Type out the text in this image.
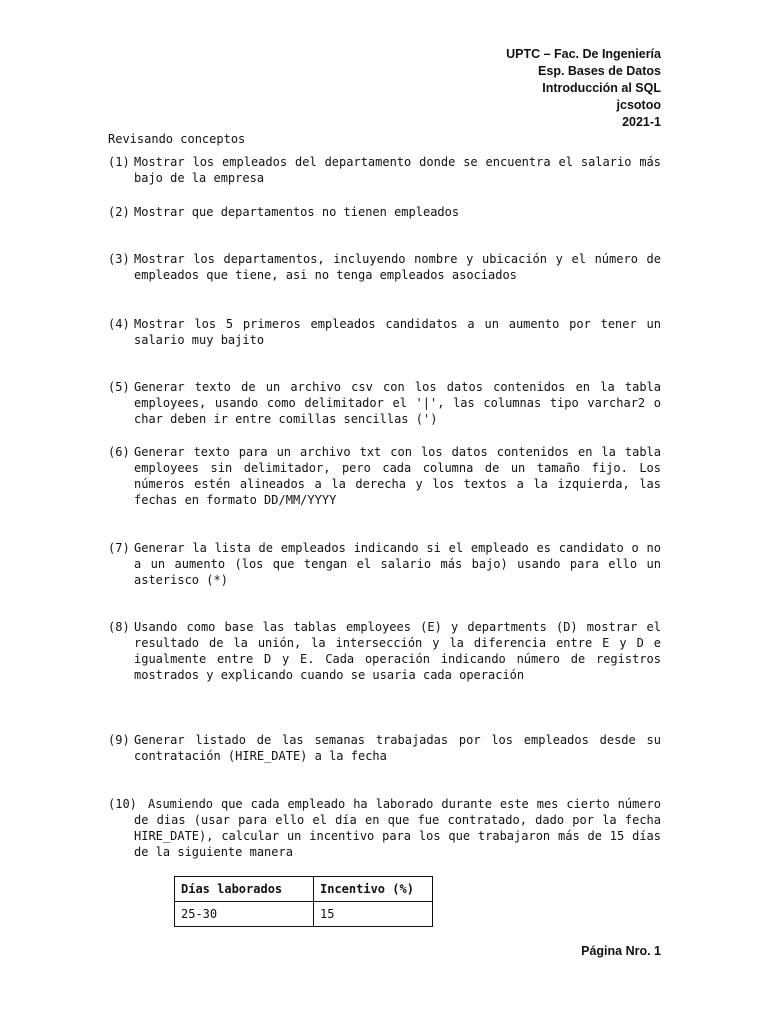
UPTC – Fac. De Ingeniería
Esp. Bases de Datos
Introducción al SQL
jcsotoo
2021-1
Revisando conceptos
(1) Mostrar los empleados del departamento donde se encuentra el salario más bajo de la empresa
(2) Mostrar que departamentos no tienen empleados
(3) Mostrar los departamentos, incluyendo nombre y ubicación y el número de empleados que tiene, asi no tenga empleados asociados
(4) Mostrar los 5 primeros empleados candidatos a un aumento por tener un salario muy bajito
(5) Generar texto de un archivo csv con los datos contenidos en la tabla employees, usando como delimitador el '|', las columnas tipo varchar2 o char deben ir entre comillas sencillas (')
(6) Generar texto para un archivo txt con los datos contenidos en la tabla employees sin delimitador, pero cada columna de un tamaño fijo. Los números estén alineados a la derecha y los textos a la izquierda, las fechas en formato DD/MM/YYYY
(7) Generar la lista de empleados indicando si el empleado es candidato o no a un aumento (los que tengan el salario más bajo) usando para ello un asterisco (*)
(8) Usando como base las tablas employees (E) y departments (D) mostrar el resultado de la unión, la intersección y la diferencia entre E y D e igualmente entre D y E. Cada operación indicando número de registros mostrados y explicando cuando se usaria cada operación
(9) Generar listado de las semanas trabajadas por los empleados desde su contratación (HIRE_DATE) a la fecha
(10) Asumiendo que cada empleado ha laborado durante este mes cierto número de dias (usar para ello el día en que fue contratado, dado por la fecha HIRE_DATE), calcular un incentivo para los que trabajaron más de 15 días de la siguiente manera
Días laborados	Incentivo (%)
25-30	15
Página Nro. 1
